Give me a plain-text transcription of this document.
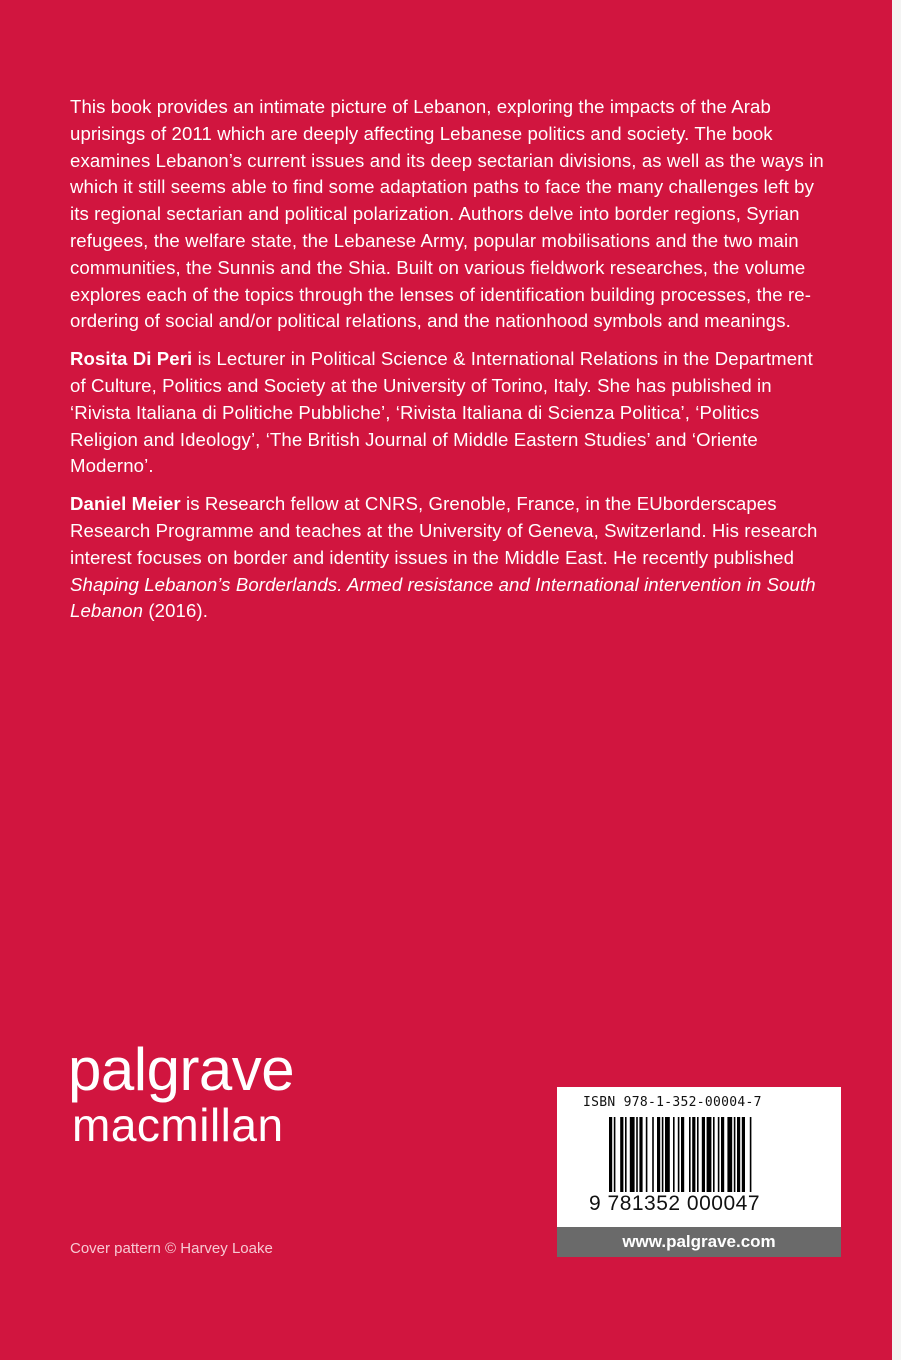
This book provides an intimate picture of Lebanon, exploring the impacts of the Arab uprisings of 2011 which are deeply affecting Lebanese politics and society. The book examines Lebanon’s current issues and its deep sectarian divisions, as well as the ways in which it still seems able to find some adaptation paths to face the many challenges left by its regional sectarian and political polarization. Authors delve into border regions, Syrian refugees, the welfare state, the Lebanese Army, popular mobilisations and the two main communities, the Sunnis and the Shia. Built on various fieldwork researches, the volume explores each of the topics through the lenses of identification building processes, the re-ordering of social and/or political relations, and the nationhood symbols and meanings.

Rosita Di Peri is Lecturer in Political Science & International Relations in the Department of Culture, Politics and Society at the University of Torino, Italy. She has published in ‘Rivista Italiana di Politiche Pubbliche’, ‘Rivista Italiana di Scienza Politica’, ‘Politics Religion and Ideology’, ‘The British Journal of Middle Eastern Studies’ and ‘Oriente Moderno’.

Daniel Meier is Research fellow at CNRS, Grenoble, France, in the EUborderscapes Research Programme and teaches at the University of Geneva, Switzerland. His research interest focuses on border and identity issues in the Middle East. He recently published Shaping Lebanon’s Borderlands. Armed resistance and International intervention in South Lebanon (2016).

palgrave
macmillan
Cover pattern © Harvey Loake
ISBN 978-1-352-00004-7
9 781352 000047
www.palgrave.com
